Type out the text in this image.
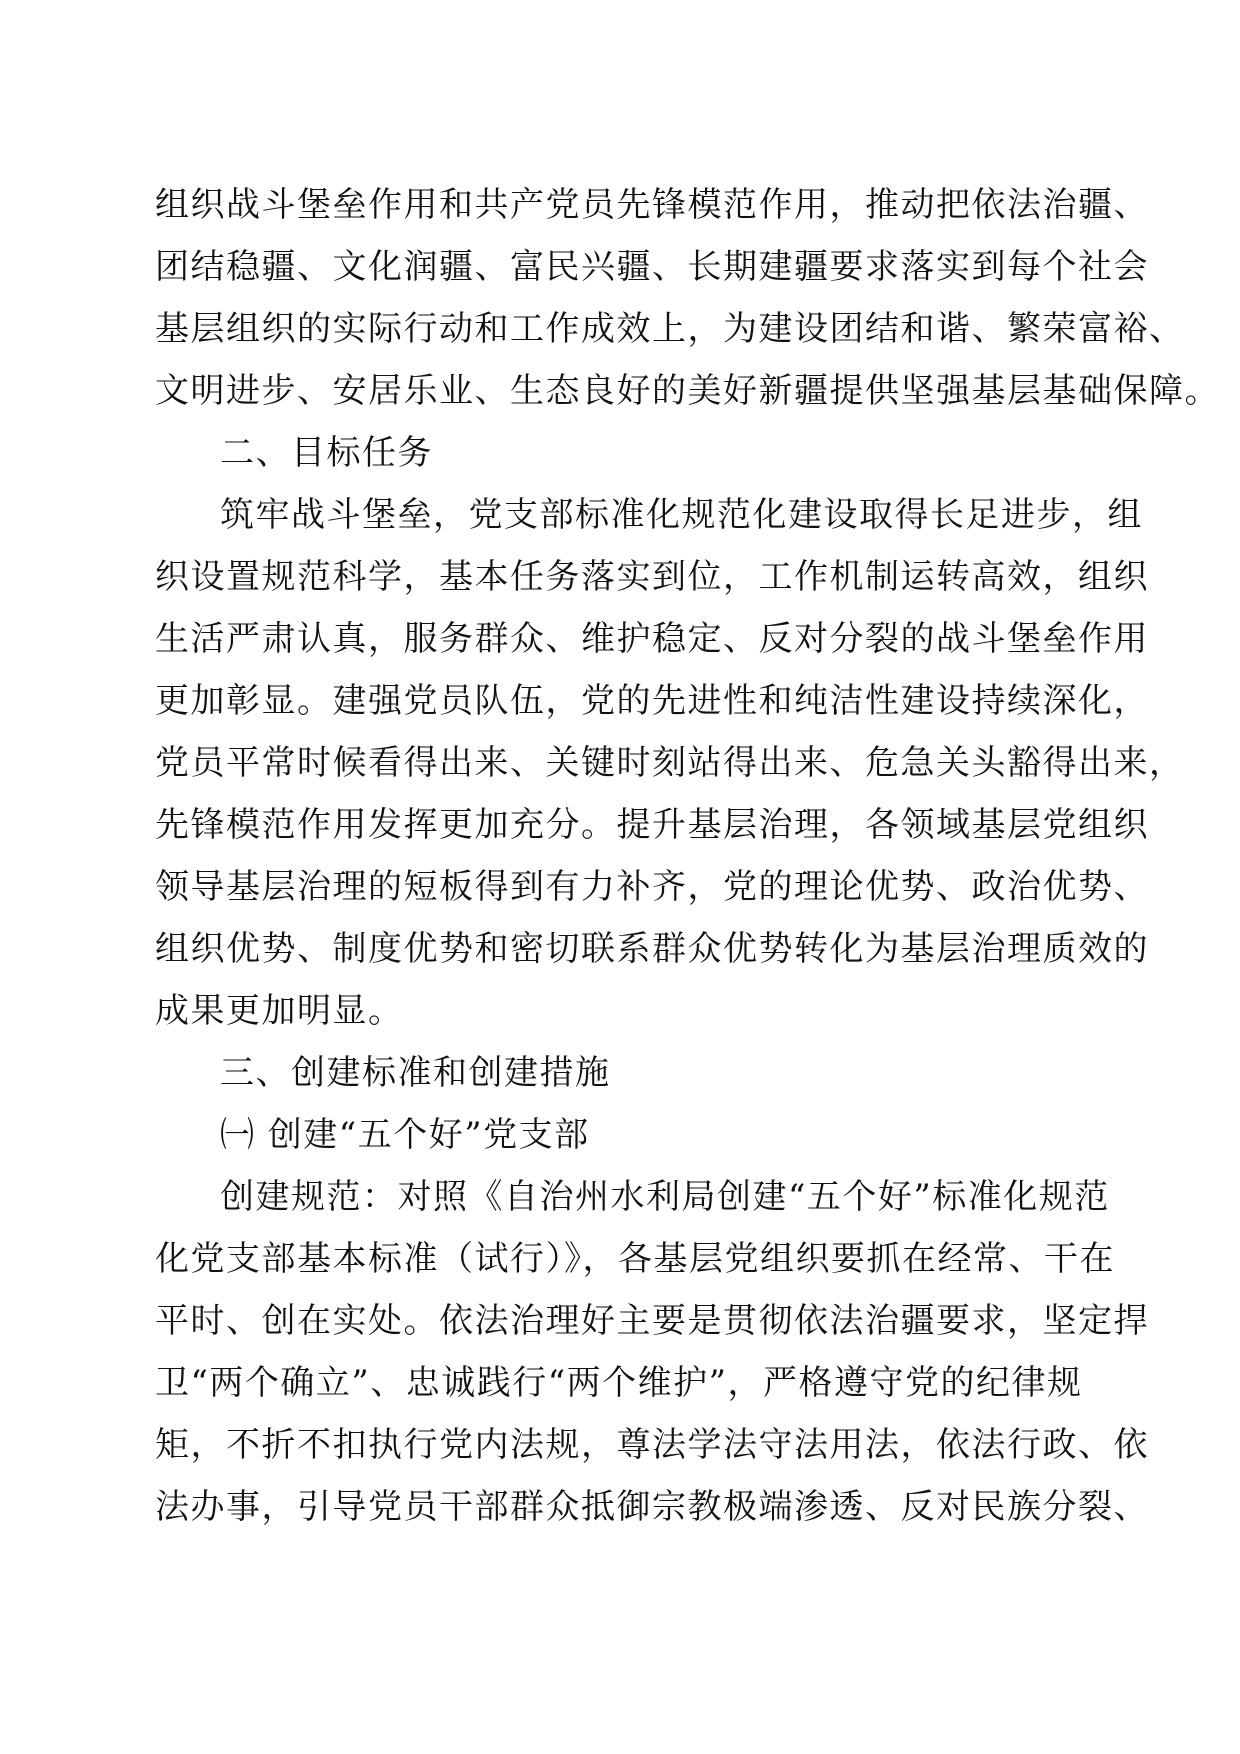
组织战斗堡垒作用和共产党员先锋模范作用，推动把依法治疆、
团结稳疆、文化润疆、富民兴疆、长期建疆要求落实到每个社会
基层组织的实际行动和工作成效上，为建设团结和谐、繁荣富裕、
文明进步、安居乐业、生态良好的美好新疆提供坚强基层基础保障。
二、目标任务
筑牢战斗堡垒，党支部标准化规范化建设取得长足进步，组
织设置规范科学，基本任务落实到位，工作机制运转高效，组织
生活严肃认真，服务群众、维护稳定、反对分裂的战斗堡垒作用
更加彰显。建强党员队伍，党的先进性和纯洁性建设持续深化，
党员平常时候看得出来、关键时刻站得出来、危急关头豁得出来，
先锋模范作用发挥更加充分。提升基层治理，各领域基层党组织
领导基层治理的短板得到有力补齐，党的理论优势、政治优势、
组织优势、制度优势和密切联系群众优势转化为基层治理质效的
成果更加明显。
三、创建标准和创建措施
㈠ 创建“五个好”党支部
创建规范：对照《自治州水利局创建“五个好”标准化规范
化党支部基本标准（试行）》，各基层党组织要抓在经常、干在
平时、创在实处。依法治理好主要是贯彻依法治疆要求，坚定捍
卫“两个确立”、忠诚践行“两个维护”，严格遵守党的纪律规
矩，不折不扣执行党内法规，尊法学法守法用法，依法行政、依
法办事，引导党员干部群众抵御宗教极端渗透、反对民族分裂、
